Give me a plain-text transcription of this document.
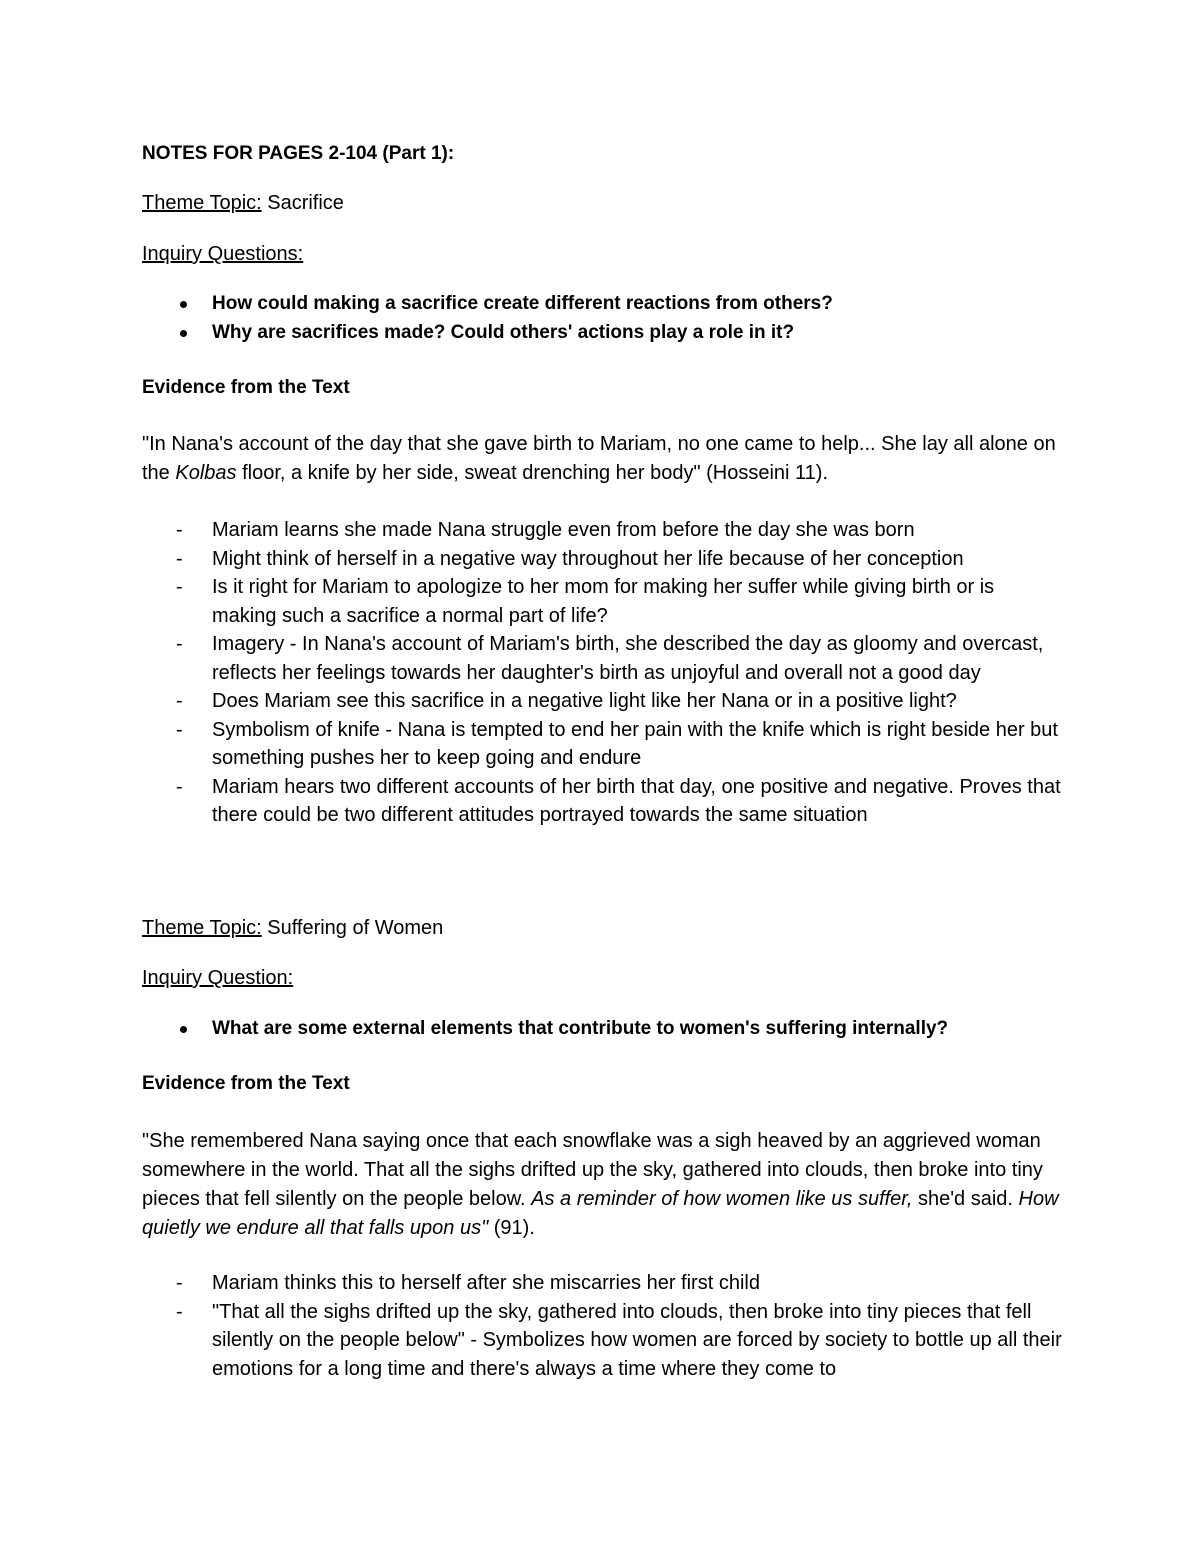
NOTES FOR PAGES 2-104 (Part 1):
Theme Topic: Sacrifice
Inquiry Questions:
How could making a sacrifice create different reactions from others?
Why are sacrifices made? Could others' actions play a role in it?
Evidence from the Text
"In Nana's account of the day that she gave birth to Mariam, no one came to help... She lay all alone on the Kolbas floor, a knife by her side, sweat drenching her body" (Hosseini 11).
- Mariam learns she made Nana struggle even from before the day she was born
- Might think of herself in a negative way throughout her life because of her conception
- Is it right for Mariam to apologize to her mom for making her suffer while giving birth or is making such a sacrifice a normal part of life?
- Imagery - In Nana's account of Mariam's birth, she described the day as gloomy and overcast, reflects her feelings towards her daughter's birth as unjoyful and overall not a good day
- Does Mariam see this sacrifice in a negative light like her Nana or in a positive light?
- Symbolism of knife - Nana is tempted to end her pain with the knife which is right beside her but something pushes her to keep going and endure
- Mariam hears two different accounts of her birth that day, one positive and negative. Proves that there could be two different attitudes portrayed towards the same situation
Theme Topic: Suffering of Women
Inquiry Question:
What are some external elements that contribute to women's suffering internally?
Evidence from the Text
"She remembered Nana saying once that each snowflake was a sigh heaved by an aggrieved woman somewhere in the world. That all the sighs drifted up the sky, gathered into clouds, then broke into tiny pieces that fell silently on the people below. As a reminder of how women like us suffer, she'd said. How quietly we endure all that falls upon us" (91).
- Mariam thinks this to herself after she miscarries her first child
- "That all the sighs drifted up the sky, gathered into clouds, then broke into tiny pieces that fell silently on the people below" - Symbolizes how women are forced by society to bottle up all their emotions for a long time and there's always a time where they come to
